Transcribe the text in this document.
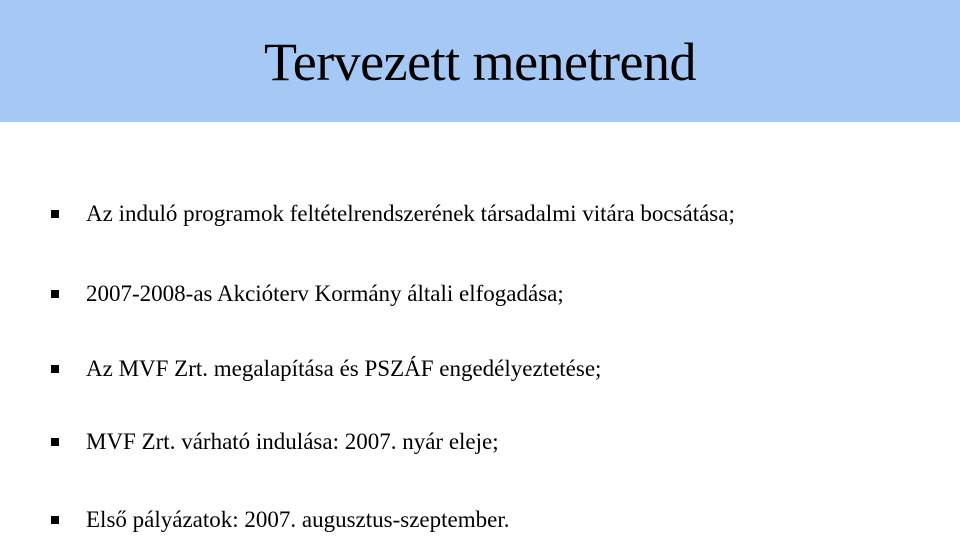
Tervezett menetrend
Az induló programok feltételrendszerének társadalmi vitára bocsátása;
2007-2008-as Akcióterv Kormány általi elfogadása;
Az MVF Zrt. megalapítása és PSZÁF engedélyeztetése;
MVF Zrt. várható indulása: 2007. nyár eleje;
Első pályázatok: 2007. augusztus-szeptember.
